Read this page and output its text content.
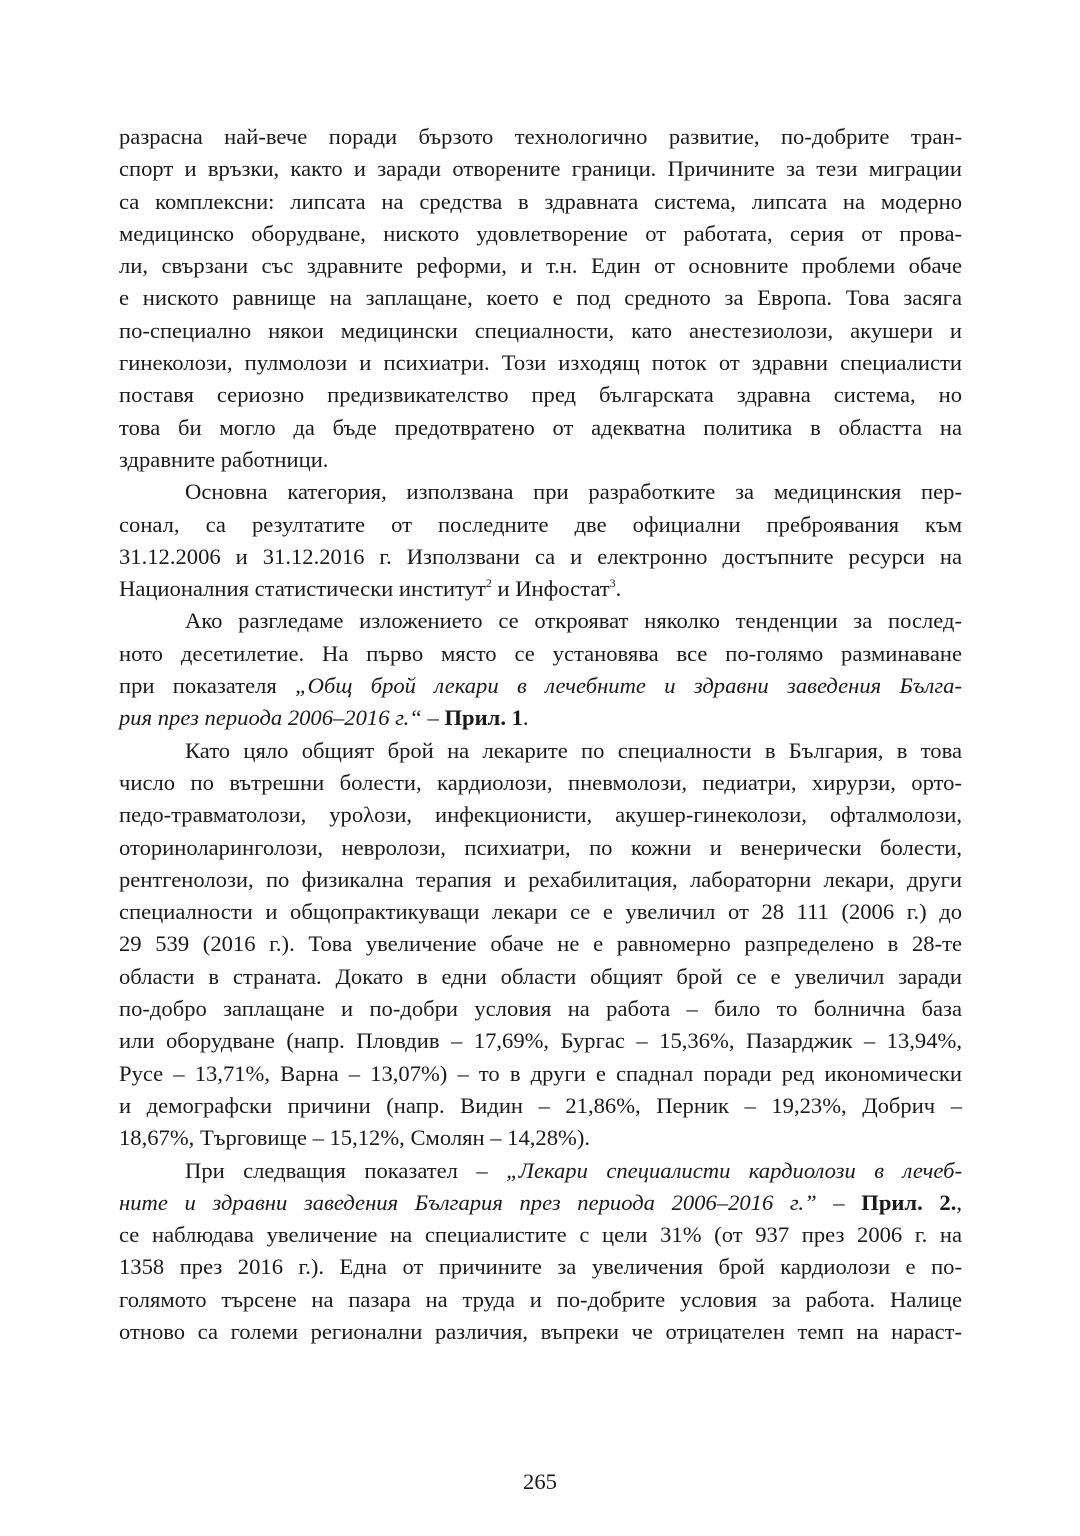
разрасна най-вече поради бързото технологично развитие, по-добрите тран-
спорт и връзки, както и заради отворените граници. Причините за тези миграции
са комплексни: липсата на средства в здравната система, липсата на модерно
медицинско оборудване, ниското удовлетворение от работата, серия от прова-
ли, свързани със здравните реформи, и т.н. Един от основните проблеми обаче
е ниското равнище на заплащане, което е под средното за Европа. Това засяга
по-специално някои медицински специалности, като анестезиолози, акушери и
гинеколози, пулмолози и психиатри. Този изходящ поток от здравни специалисти
поставя сериозно предизвикателство пред българската здравна система, но
това би могло да бъде предотвратено от адекватна политика в областта на
здравните работници.
Основна категория, използвана при разработките за медицинския пер-
сонал, са резултатите от последните две официални преброявания към
31.12.2006 и 31.12.2016 г. Използвани са и електронно достъпните ресурси на
Националния статистически институт$^2$ и Инфостат$^3$.
Ако разгледаме изложението се открояват няколко тенденции за послед-
ното десетилетие. На първо място се установява все по-голямо разминаване
при показателя „Общ брой лекари в лечебните и здравни заведения Бълга-
рия през периода 2006–2016 г.“ – Прил. 1.
Като цяло общият брой на лекарите по специалности в България, в това
число по вътрешни болести, кардиолози, пневмолози, педиатри, хирурзи, орто-
педо-травматолози, урολози, инфекционисти, акушер-гинеколози, офталмолози,
оториноларинголози, невролози, психиатри, по кожни и венерически болести,
рентгенолози, по физикална терапия и рехабилитация, лабораторни лекари, други
специалности и общопрактикуващи лекари се е увеличил от 28 111 (2006 г.) до
29 539 (2016 г.). Това увеличение обаче не е равномерно разпределено в 28-те
области в страната. Докато в едни области общият брой се е увеличил заради
по-добро заплащане и по-добри условия на работа – било то болнична база
или оборудване (напр. Пловдив – 17,69%, Бургас – 15,36%, Пазарджик – 13,94%,
Русе – 13,71%, Варна – 13,07%) – то в други е спаднал поради ред икономически
и демографски причини (напр. Видин – 21,86%, Перник – 19,23%, Добрич –
18,67%, Търговище – 15,12%, Смолян – 14,28%).
При следващия показател – „Лекари специалисти кардиолози в лечеб-
ните и здравни заведения България през периода 2006–2016 г.” – Прил. 2.,
се наблюдава увеличение на специалистите с цели 31% (от 937 през 2006 г. на
1358 през 2016 г.). Една от причините за увеличения брой кардиолози е по-
голямото търсене на пазара на труда и по-добрите условия за работа. Налице
отново са големи регионални различия, въпреки че отрицателен темп на нараст-
265
